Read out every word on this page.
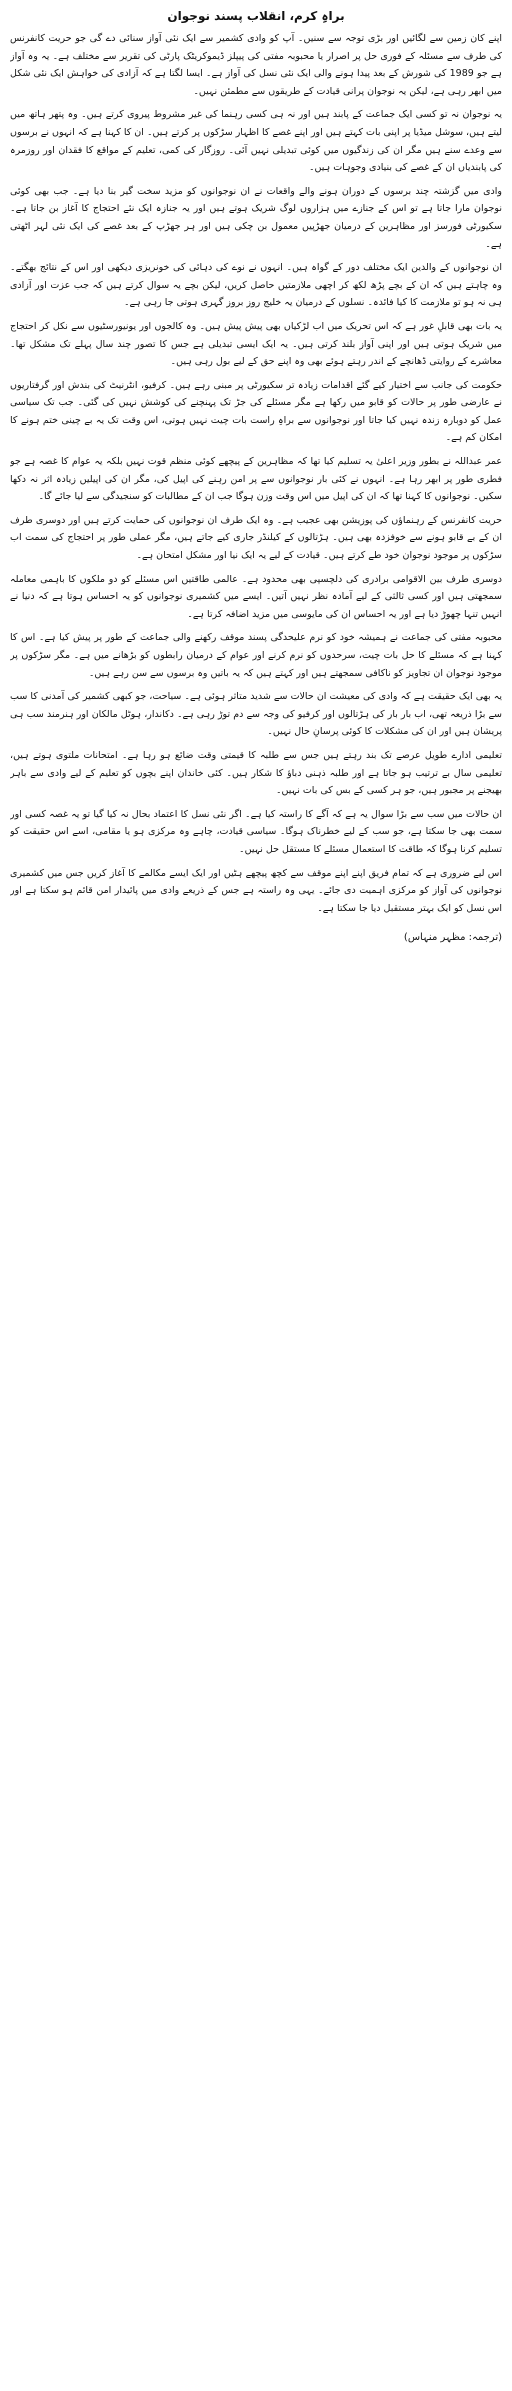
براہِ کرم، انقلاب پسند نوجوان

اپنے کان زمین سے لگائیں اور بڑی توجہ سے سنیں۔ آپ کو وادی کشمیر سے ایک نئی آواز سنائی دے گی جو حریت کانفرنس کی طرف سے مسئلہ کے فوری حل پر اصرار یا محبوبہ مفتی کی پیپلز ڈیموکریٹک پارٹی کی تقریر سے مختلف ہے۔ یہ وہ آواز ہے جو 1989 کی شورش کے بعد پیدا ہونے والی ایک نئی نسل کی آواز ہے۔ ایسا لگتا ہے کہ آزادی کی خواہش ایک نئی شکل میں ابھر رہی ہے، لیکن یہ نوجوان پرانی قیادت کے طریقوں سے مطمئن نہیں۔

یہ نوجوان نہ تو کسی ایک جماعت کے پابند ہیں اور نہ ہی کسی رہنما کی غیر مشروط پیروی کرتے ہیں۔ وہ پتھر ہاتھ میں لیتے ہیں، سوشل میڈیا پر اپنی بات کہتے ہیں اور اپنے غصے کا اظہار سڑکوں پر کرتے ہیں۔ ان کا کہنا ہے کہ انہوں نے برسوں سے وعدے سنے ہیں مگر ان کی زندگیوں میں کوئی تبدیلی نہیں آئی۔ روزگار کی کمی، تعلیم کے مواقع کا فقدان اور روزمرہ کی پابندیاں ان کے غصے کی بنیادی وجوہات ہیں۔

وادی میں گزشتہ چند برسوں کے دوران ہونے والے واقعات نے ان نوجوانوں کو مزید سخت گیر بنا دیا ہے۔ جب بھی کوئی نوجوان مارا جاتا ہے تو اس کے جنازے میں ہزاروں لوگ شریک ہوتے ہیں اور یہ جنازہ ایک نئے احتجاج کا آغاز بن جاتا ہے۔ سکیورٹی فورسز اور مظاہرین کے درمیان جھڑپیں معمول بن چکی ہیں اور ہر جھڑپ کے بعد غصے کی ایک نئی لہر اٹھتی ہے۔

ان نوجوانوں کے والدین ایک مختلف دور کے گواہ ہیں۔ انہوں نے نوے کی دہائی کی خونریزی دیکھی اور اس کے نتائج بھگتے۔ وہ چاہتے ہیں کہ ان کے بچے پڑھ لکھ کر اچھی ملازمتیں حاصل کریں، لیکن بچے یہ سوال کرتے ہیں کہ جب عزت اور آزادی ہی نہ ہو تو ملازمت کا کیا فائدہ۔ نسلوں کے درمیان یہ خلیج روز بروز گہری ہوتی جا رہی ہے۔

یہ بات بھی قابلِ غور ہے کہ اس تحریک میں اب لڑکیاں بھی پیش پیش ہیں۔ وہ کالجوں اور یونیورسٹیوں سے نکل کر احتجاج میں شریک ہوتی ہیں اور اپنی آواز بلند کرتی ہیں۔ یہ ایک ایسی تبدیلی ہے جس کا تصور چند سال پہلے تک مشکل تھا۔ معاشرے کے روایتی ڈھانچے کے اندر رہتے ہوئے بھی وہ اپنے حق کے لیے بول رہی ہیں۔

حکومت کی جانب سے اختیار کیے گئے اقدامات زیادہ تر سکیورٹی پر مبنی رہے ہیں۔ کرفیو، انٹرنیٹ کی بندش اور گرفتاریوں نے عارضی طور پر حالات کو قابو میں رکھا ہے مگر مسئلے کی جڑ تک پہنچنے کی کوشش نہیں کی گئی۔ جب تک سیاسی عمل کو دوبارہ زندہ نہیں کیا جاتا اور نوجوانوں سے براہِ راست بات چیت نہیں ہوتی، اس وقت تک یہ بے چینی ختم ہونے کا امکان کم ہے۔

عمر عبداللہ نے بطور وزیر اعلیٰ یہ تسلیم کیا تھا کہ مظاہرین کے پیچھے کوئی منظم قوت نہیں بلکہ یہ عوام کا غصہ ہے جو فطری طور پر ابھر رہا ہے۔ انہوں نے کئی بار نوجوانوں سے پر امن رہنے کی اپیل کی، مگر ان کی اپیلیں زیادہ اثر نہ دکھا سکیں۔ نوجوانوں کا کہنا تھا کہ ان کی اپیل میں اس وقت وزن ہوگا جب ان کے مطالبات کو سنجیدگی سے لیا جائے گا۔

حریت کانفرنس کے رہنماؤں کی پوزیشن بھی عجیب ہے۔ وہ ایک طرف ان نوجوانوں کی حمایت کرتے ہیں اور دوسری طرف ان کے بے قابو ہونے سے خوفزدہ بھی ہیں۔ ہڑتالوں کے کیلنڈر جاری کیے جاتے ہیں، مگر عملی طور پر احتجاج کی سمت اب سڑکوں پر موجود نوجوان خود طے کرتے ہیں۔ قیادت کے لیے یہ ایک نیا اور مشکل امتحان ہے۔

دوسری طرف بین الاقوامی برادری کی دلچسپی بھی محدود ہے۔ عالمی طاقتیں اس مسئلے کو دو ملکوں کا باہمی معاملہ سمجھتی ہیں اور کسی ثالثی کے لیے آمادہ نظر نہیں آتیں۔ ایسے میں کشمیری نوجوانوں کو یہ احساس ہوتا ہے کہ دنیا نے انہیں تنہا چھوڑ دیا ہے اور یہ احساس ان کی مایوسی میں مزید اضافہ کرتا ہے۔

محبوبہ مفتی کی جماعت نے ہمیشہ خود کو نرم علیحدگی پسند موقف رکھنے والی جماعت کے طور پر پیش کیا ہے۔ اس کا کہنا ہے کہ مسئلے کا حل بات چیت، سرحدوں کو نرم کرنے اور عوام کے درمیان رابطوں کو بڑھانے میں ہے۔ مگر سڑکوں پر موجود نوجوان ان تجاویز کو ناکافی سمجھتے ہیں اور کہتے ہیں کہ یہ باتیں وہ برسوں سے سن رہے ہیں۔

یہ بھی ایک حقیقت ہے کہ وادی کی معیشت ان حالات سے شدید متاثر ہوئی ہے۔ سیاحت، جو کبھی کشمیر کی آمدنی کا سب سے بڑا ذریعہ تھی، اب بار بار کی ہڑتالوں اور کرفیو کی وجہ سے دم توڑ رہی ہے۔ دکاندار، ہوٹل مالکان اور ہنرمند سب ہی پریشان ہیں اور ان کی مشکلات کا کوئی پرسانِ حال نہیں۔

تعلیمی ادارے طویل عرصے تک بند رہتے ہیں جس سے طلبہ کا قیمتی وقت ضائع ہو رہا ہے۔ امتحانات ملتوی ہوتے ہیں، تعلیمی سال بے ترتیب ہو جاتا ہے اور طلبہ ذہنی دباؤ کا شکار ہیں۔ کئی خاندان اپنے بچوں کو تعلیم کے لیے وادی سے باہر بھیجنے پر مجبور ہیں، جو ہر کسی کے بس کی بات نہیں۔

ان حالات میں سب سے بڑا سوال یہ ہے کہ آگے کا راستہ کیا ہے۔ اگر نئی نسل کا اعتماد بحال نہ کیا گیا تو یہ غصہ کسی اور سمت بھی جا سکتا ہے، جو سب کے لیے خطرناک ہوگا۔ سیاسی قیادت، چاہے وہ مرکزی ہو یا مقامی، اسے اس حقیقت کو تسلیم کرنا ہوگا کہ طاقت کا استعمال مسئلے کا مستقل حل نہیں۔

اس لیے ضروری ہے کہ تمام فریق اپنے اپنے موقف سے کچھ پیچھے ہٹیں اور ایک ایسے مکالمے کا آغاز کریں جس میں کشمیری نوجوانوں کی آواز کو مرکزی اہمیت دی جائے۔ یہی وہ راستہ ہے جس کے ذریعے وادی میں پائیدار امن قائم ہو سکتا ہے اور اس نسل کو ایک بہتر مستقبل دیا جا سکتا ہے۔

(ترجمہ: مظہر منہاس)
